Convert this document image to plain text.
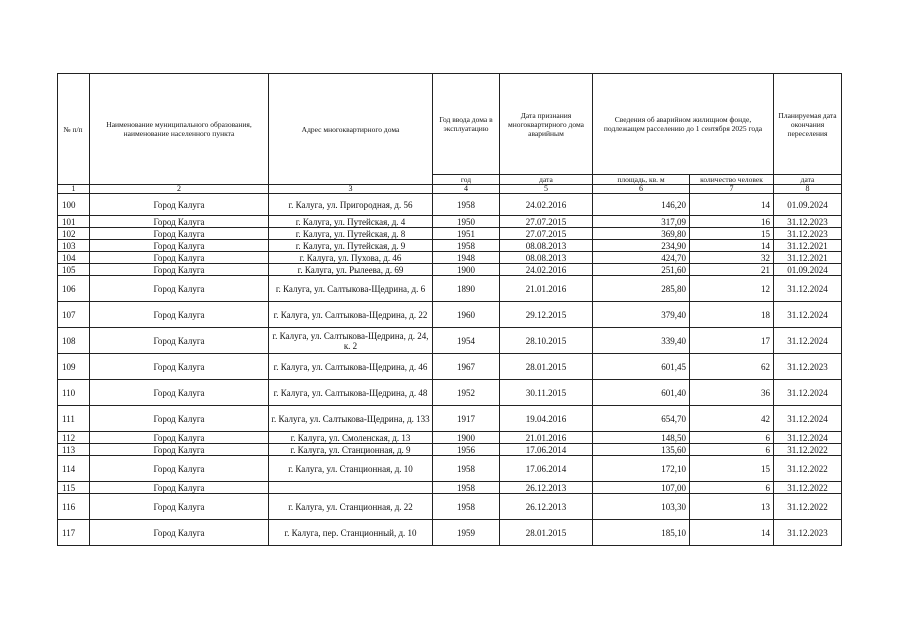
№ п/п	Наименование муниципального образования, наименование населенного пункта	Адрес многоквартирного дома	Год ввода дома в эксплуатацию	Дата признания многоквартирного дома аварийным	Сведения об аварийном жилищном фонде, подлежащем расселению до 1 сентября 2025 года		Планируемая дата окончания переселения
			год	дата	площадь, кв. м	количество человек	дата
1	2	3	4	5	6	7	8
100	Город Калуга	г. Калуга, ул. Пригородная, д. 56	1958	24.02.2016	146,20	14	01.09.2024
101	Город Калуга	г. Калуга, ул. Путейская, д. 4	1950	27.07.2015	317,09	16	31.12.2023
102	Город Калуга	г. Калуга, ул. Путейская, д. 8	1951	27.07.2015	369,80	15	31.12.2023
103	Город Калуга	г. Калуга, ул. Путейская, д. 9	1958	08.08.2013	234,90	14	31.12.2021
104	Город Калуга	г. Калуга, ул. Пухова, д. 46	1948	08.08.2013	424,70	32	31.12.2021
105	Город Калуга	г. Калуга, ул. Рылеева, д. 69	1900	24.02.2016	251,60	21	01.09.2024
106	Город Калуга	г. Калуга, ул. Салтыкова-Щедрина, д. 6	1890	21.01.2016	285,80	12	31.12.2024
107	Город Калуга	г. Калуга, ул. Салтыкова-Щедрина, д. 22	1960	29.12.2015	379,40	18	31.12.2024
108	Город Калуга	г. Калуга, ул. Салтыкова-Щедрина, д. 24, к. 2	1954	28.10.2015	339,40	17	31.12.2024
109	Город Калуга	г. Калуга, ул. Салтыкова-Щедрина, д. 46	1967	28.01.2015	601,45	62	31.12.2023
110	Город Калуга	г. Калуга, ул. Салтыкова-Щедрина, д. 48	1952	30.11.2015	601,40	36	31.12.2024
111	Город Калуга	г. Калуга, ул. Салтыкова-Щедрина, д. 133	1917	19.04.2016	654,70	42	31.12.2024
112	Город Калуга	г. Калуга, ул. Смоленская, д. 13	1900	21.01.2016	148,50	6	31.12.2024
113	Город Калуга	г. Калуга, ул. Станционная, д. 9	1956	17.06.2014	135,60	6	31.12.2022
114	Город Калуга	г. Калуга, ул. Станционная, д. 10	1958	17.06.2014	172,10	15	31.12.2022
115	Город Калуга		1958	26.12.2013	107,00	6	31.12.2022
116	Город Калуга	г. Калуга, ул. Станционная, д. 22	1958	26.12.2013	103,30	13	31.12.2022
117	Город Калуга	г. Калуга, пер. Станционный, д. 10	1959	28.01.2015	185,10	14	31.12.2023
